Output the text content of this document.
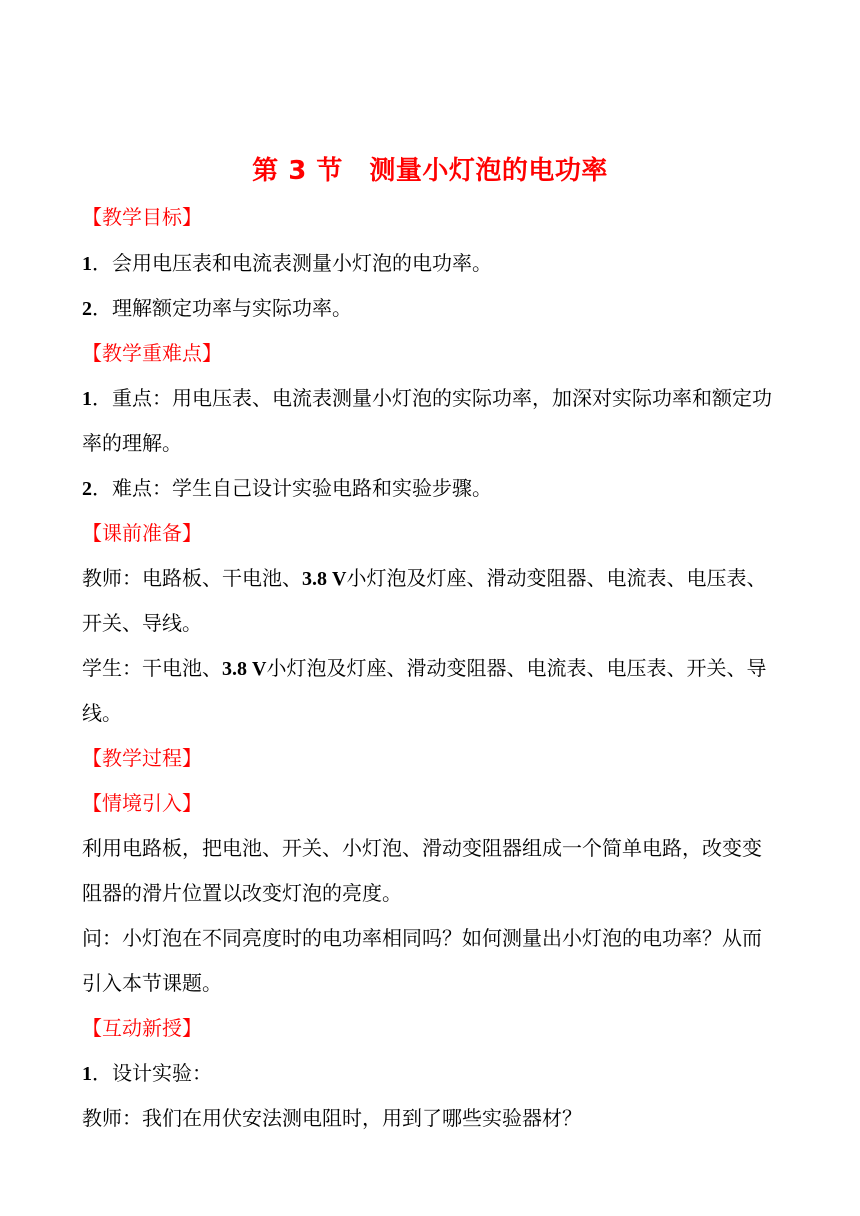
第 3 节　测量小灯泡的电功率
【教学目标】
1．会用电压表和电流表测量小灯泡的电功率。
2．理解额定功率与实际功率。
【教学重难点】
1．重点：用电压表、电流表测量小灯泡的实际功率，加深对实际功率和额定功
率的理解。
2．难点：学生自己设计实验电路和实验步骤。
【课前准备】
教师：电路板、干电池、3.8 V小灯泡及灯座、滑动变阻器、电流表、电压表、
开关、导线。
学生：干电池、3.8 V小灯泡及灯座、滑动变阻器、电流表、电压表、开关、导
线。
【教学过程】
【情境引入】
利用电路板，把电池、开关、小灯泡、滑动变阻器组成一个简单电路，改变变
阻器的滑片位置以改变灯泡的亮度。
问：小灯泡在不同亮度时的电功率相同吗？如何测量出小灯泡的电功率？从而
引入本节课题。
【互动新授】
1．设计实验：
教师：我们在用伏安法测电阻时，用到了哪些实验器材？
